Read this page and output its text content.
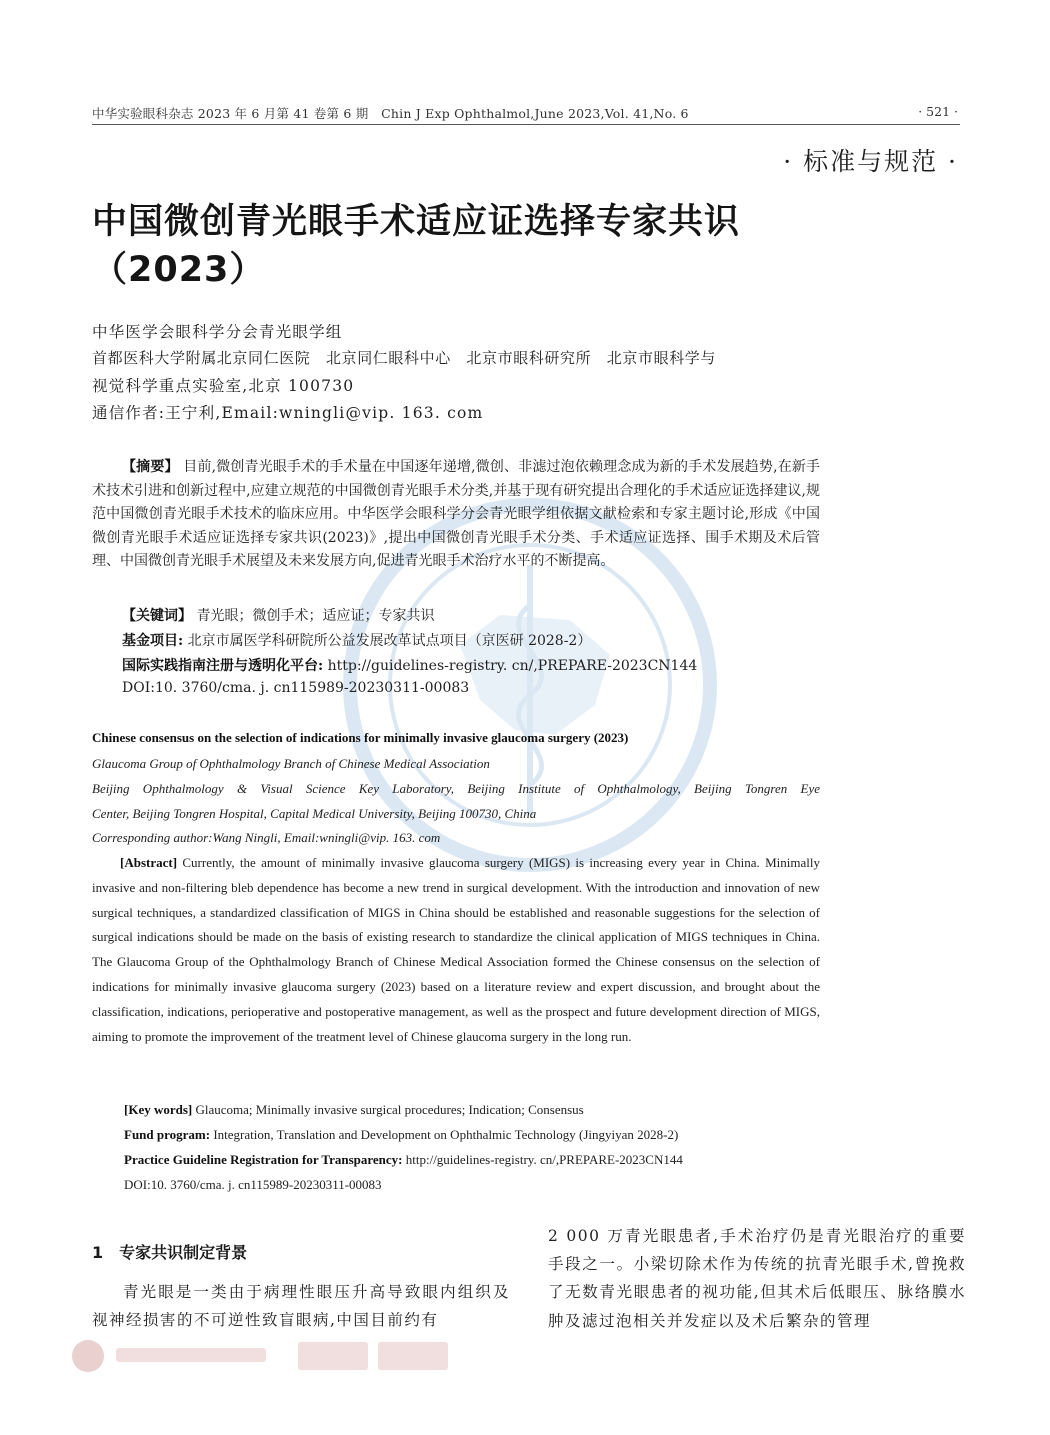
中华实验眼科杂志 2023 年 6 月第 41 卷第 6 期　Chin J Exp Ophthalmol,June 2023,Vol. 41,No. 6	· 521 ·
· 标准与规范 ·
中国微创青光眼手术适应证选择专家共识
（2023）
中华医学会眼科学分会青光眼学组
首都医科大学附属北京同仁医院　北京同仁眼科中心　北京市眼科研究所　北京市眼科学与
视觉科学重点实验室,北京 100730
通信作者:王宁利,Email:wningli@vip. 163. com
【摘要】 目前,微创青光眼手术的手术量在中国逐年递增,微创、非滤过泡依赖理念成为新的手术发展趋势,在新手术技术引进和创新过程中,应建立规范的中国微创青光眼手术分类,并基于现有研究提出合理化的手术适应证选择建议,规范中国微创青光眼手术技术的临床应用。中华医学会眼科学分会青光眼学组依据文献检索和专家主题讨论,形成《中国微创青光眼手术适应证选择专家共识(2023)》,提出中国微创青光眼手术分类、手术适应证选择、围手术期及术后管理、中国微创青光眼手术展望及未来发展方向,促进青光眼手术治疗水平的不断提高。
【关键词】 青光眼；微创手术；适应证；专家共识
基金项目: 北京市属医学科研院所公益发展改革试点项目（京医研 2028-2）
国际实践指南注册与透明化平台: http://guidelines-registry. cn/,PREPARE-2023CN144
DOI:10. 3760/cma. j. cn115989-20230311-00083
Chinese consensus on the selection of indications for minimally invasive glaucoma surgery (2023)
Glaucoma Group of Ophthalmology Branch of Chinese Medical Association
Beijing Ophthalmology & Visual Science Key Laboratory, Beijing Institute of Ophthalmology, Beijing Tongren Eye
Center, Beijing Tongren Hospital, Capital Medical University, Beijing 100730, China
Corresponding author:Wang Ningli, Email:wningli@vip. 163. com
[Abstract] Currently, the amount of minimally invasive glaucoma surgery (MIGS) is increasing every year in China. Minimally invasive and non-filtering bleb dependence has become a new trend in surgical development. With the introduction and innovation of new surgical techniques, a standardized classification of MIGS in China should be established and reasonable suggestions for the selection of surgical indications should be made on the basis of existing research to standardize the clinical application of MIGS techniques in China. The Glaucoma Group of the Ophthalmology Branch of Chinese Medical Association formed the Chinese consensus on the selection of indications for minimally invasive glaucoma surgery (2023) based on a literature review and expert discussion, and brought about the classification, indications, perioperative and postoperative management, as well as the prospect and future development direction of MIGS, aiming to promote the improvement of the treatment level of Chinese glaucoma surgery in the long run.
[Key words] Glaucoma; Minimally invasive surgical procedures; Indication; Consensus
Fund program: Integration, Translation and Development on Ophthalmic Technology (Jingyiyan 2028-2)
Practice Guideline Registration for Transparency: http://guidelines-registry. cn/,PREPARE-2023CN144
DOI:10. 3760/cma. j. cn115989-20230311-00083
1　专家共识制定背景
青光眼是一类由于病理性眼压升高导致眼内组织及视神经损害的不可逆性致盲眼病,中国目前约有
2 000 万青光眼患者,手术治疗仍是青光眼治疗的重要手段之一。小梁切除术作为传统的抗青光眼手术,曾挽救了无数青光眼患者的视功能,但其术后低眼压、脉络膜水肿及滤过泡相关并发症以及术后繁杂的管理
